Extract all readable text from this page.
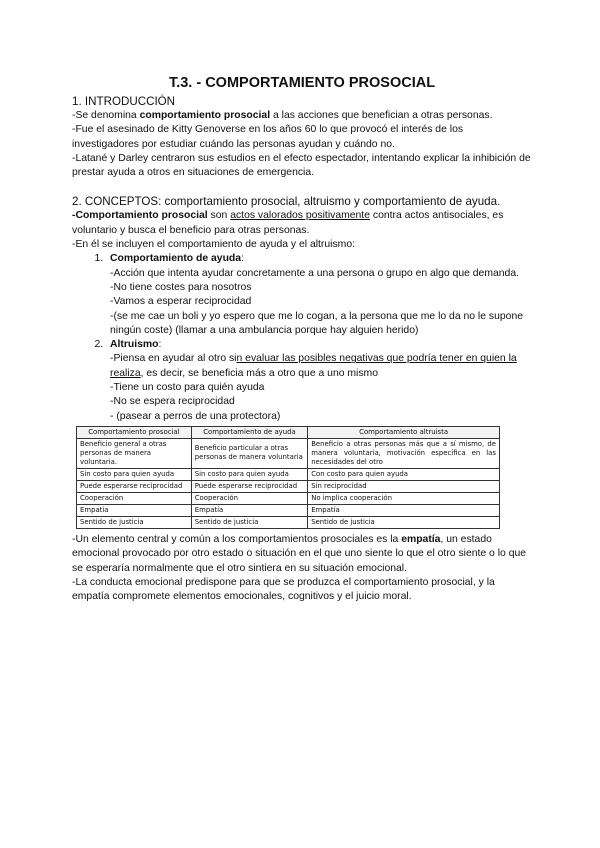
T.3. - COMPORTAMIENTO PROSOCIAL

1. INTRODUCCIÓN

-Se denomina comportamiento prosocial a las acciones que benefician a otras personas.

-Fue el asesinado de Kitty Genoverse en los años 60 lo que provocó el interés de los investigadores por estudiar cuándo las personas ayudan y cuándo no.

-Latané y Darley centraron sus estudios en el efecto espectador, intentando explicar la inhibición de prestar ayuda a otros en situaciones de emergencia.

2. CONCEPTOS: comportamiento prosocial, altruismo y comportamiento de ayuda.

-Comportamiento prosocial son actos valorados positivamente contra actos antisociales, es voluntario y busca el beneficio para otras personas.

-En él se incluyen el comportamiento de ayuda y el altruismo:

1. Comportamiento de ayuda:

-Acción que intenta ayudar concretamente a una persona o grupo en algo que demanda.

-No tiene costes para nosotros

-Vamos a esperar reciprocidad

-(se me cae un boli y yo espero que me lo cogan, a la persona que me lo da no le supone ningún coste) (llamar a una ambulancia porque hay alguien herido)

2. Altruismo:

-Piensa en ayudar al otro sin evaluar las posibles negativas que podría tener en quien la realiza, es decir, se beneficia más a otro que a uno mismo

-Tiene un costo para quién ayuda

-No se espera reciprocidad

- (pasear a perros de una protectora)

Comportamiento prosocial	Comportamiento de ayuda	Comportamiento altruista
Beneficio general a otras personas de manera voluntaria.	Beneficio particular a otras personas de manera voluntaria	Beneficio a otras personas más que a sí mismo, de manera voluntaria, motivación específica en las necesidades del otro
Sin costo para quien ayuda	Sin costo para quien ayuda	Con costo para quien ayuda
Puede esperarse reciprocidad	Puede esperarse reciprocidad	Sin reciprocidad
Cooperación	Cooperación	No implica cooperación
Empatía	Empatía	Empatía
Sentido de justicia	Sentido de justicia	Sentido de justicia

-Un elemento central y común a los comportamientos prosociales es la empatía, un estado emocional provocado por otro estado o situación en el que uno siente lo que el otro siente o lo que se esperaría normalmente que el otro sintiera en su situación emocional.

-La conducta emocional predispone para que se produzca el comportamiento prosocial, y la empatía compromete elementos emocionales, cognitivos y el juicio moral.
